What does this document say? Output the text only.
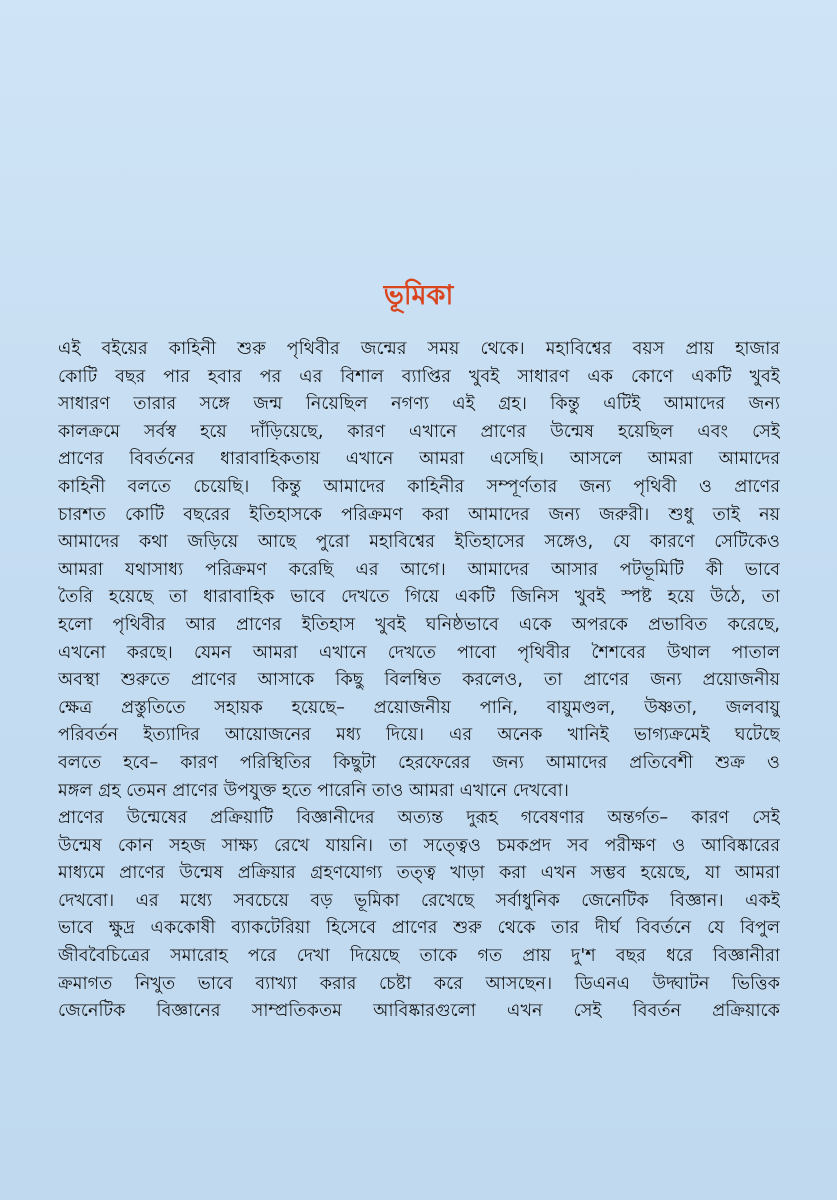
ভূমিকা
এই বইয়ের কাহিনী শুরু পৃথিবীর জন্মের সময় থেকে। মহাবিশ্বের বয়স প্রায় হাজার
কোটি বছর পার হবার পর এর বিশাল ব্যাপ্তির খুবই সাধারণ এক কোণে একটি খুবই
সাধারণ তারার সঙ্গে জন্ম নিয়েছিল নগণ্য এই গ্রহ। কিন্তু এটিই আমাদের জন্য
কালক্রমে সর্বস্ব হয়ে দাঁড়িয়েছে, কারণ এখানে প্রাণের উন্মেষ হয়েছিল এবং সেই
প্রাণের বিবর্তনের ধারাবাহিকতায় এখানে আমরা এসেছি। আসলে আমরা আমাদের
কাহিনী বলতে চেয়েছি। কিন্তু আমাদের কাহিনীর সম্পূর্ণতার জন্য পৃথিবী ও প্রাণের
চারশত কোটি বছরের ইতিহাসকে পরিক্রমণ করা আমাদের জন্য জরুরী। শুধু তাই নয়
আমাদের কথা জড়িয়ে আছে পুরো মহাবিশ্বের ইতিহাসের সঙ্গেও, যে কারণে সেটিকেও
আমরা যথাসাধ্য পরিক্রমণ করেছি এর আগে। আমাদের আসার পটভূমিটি কী ভাবে
তৈরি হয়েছে তা ধারাবাহিক ভাবে দেখতে গিয়ে একটি জিনিস খুবই স্পষ্ট হয়ে উঠে, তা
হলো পৃথিবীর আর প্রাণের ইতিহাস খুবই ঘনিষ্ঠভাবে একে অপরকে প্রভাবিত করেছে,
এখনো করছে। যেমন আমরা এখানে দেখতে পাবো পৃথিবীর শৈশবের উথাল পাতাল
অবস্থা শুরুতে প্রাণের আসাকে কিছু বিলম্বিত করলেও, তা প্রাণের জন্য প্রয়োজনীয়
ক্ষেত্র প্রস্তুতিতে সহায়ক হয়েছে– প্রয়োজনীয় পানি, বায়ুমণ্ডল, উষ্ণতা, জলবায়ু
পরিবর্তন ইত্যাদির আয়োজনের মধ্য দিয়ে। এর অনেক খানিই ভাগ্যক্রমেই ঘটেছে
বলতে হবে– কারণ পরিস্থিতির কিছুটা হেরফেরের জন্য আমাদের প্রতিবেশী শুক্র ও
মঙ্গল গ্রহ তেমন প্রাণের উপযুক্ত হতে পারেনি তাও আমরা এখানে দেখবো।
প্রাণের উন্মেষের প্রক্রিয়াটি বিজ্ঞানীদের অত্যন্ত দুরূহ গবেষণার অন্তর্গত– কারণ সেই
উন্মেষ কোন সহজ সাক্ষ্য রেখে যায়নি। তা সত্ত্বেও চমকপ্রদ সব পরীক্ষণ ও আবিষ্কারের
মাধ্যমে প্রাণের উন্মেষ প্রক্রিয়ার গ্রহণযোগ্য তত্ত্ব খাড়া করা এখন সম্ভব হয়েছে, যা আমরা
দেখবো। এর মধ্যে সবচেয়ে বড় ভূমিকা রেখেছে সর্বাধুনিক জেনেটিক বিজ্ঞান। একই
ভাবে ক্ষুদ্র এককোষী ব্যাকটেরিয়া হিসেবে প্রাণের শুরু থেকে তার দীর্ঘ বিবর্তনে যে বিপুল
জীববৈচিত্রের সমারোহ পরে দেখা দিয়েছে তাকে গত প্রায় দু'শ বছর ধরে বিজ্ঞানীরা
ক্রমাগত নিখুত ভাবে ব্যাখ্যা করার চেষ্টা করে আসছেন। ডিএনএ উদ্ঘাটন ভিত্তিক
জেনেটিক বিজ্ঞানের সাম্প্রতিকতম আবিষ্কারগুলো এখন সেই বিবর্তন প্রক্রিয়াকে
